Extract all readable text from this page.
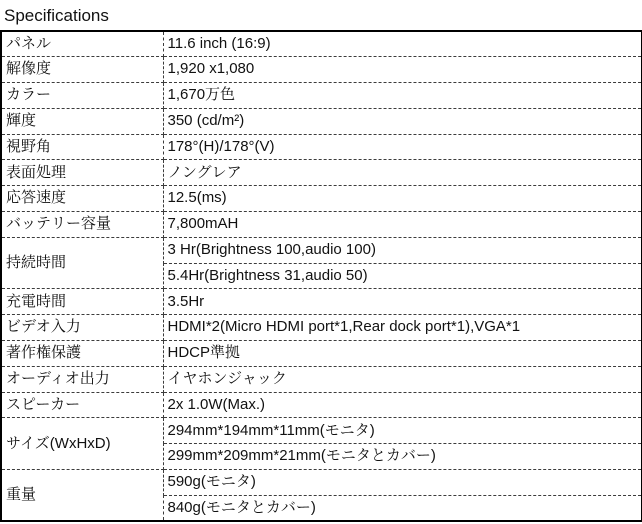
Specifications
パネル	11.6 inch (16:9)
解像度	1,920 x1,080
カラー	1,670万色
輝度	350 (cd/m²)
視野角	178°(H)/178°(V)
表面処理	ノングレア
応答速度	12.5(ms)
バッテリー容量	7,800mAH
持続時間	3 Hr(Brightness 100,audio 100)
	5.4Hr(Brightness 31,audio 50)
充電時間	3.5Hr
ビデオ入力	HDMI*2(Micro HDMI port*1,Rear dock port*1),VGA*1
著作権保護	HDCP準拠
オーディオ出力	イヤホンジャック
スピーカー	2x 1.0W(Max.)
サイズ(WxHxD)	294mm*194mm*11mm(モニタ)
	299mm*209mm*21mm(モニタとカバー)
重量	590g(モニタ)
	840g(モニタとカバー)
